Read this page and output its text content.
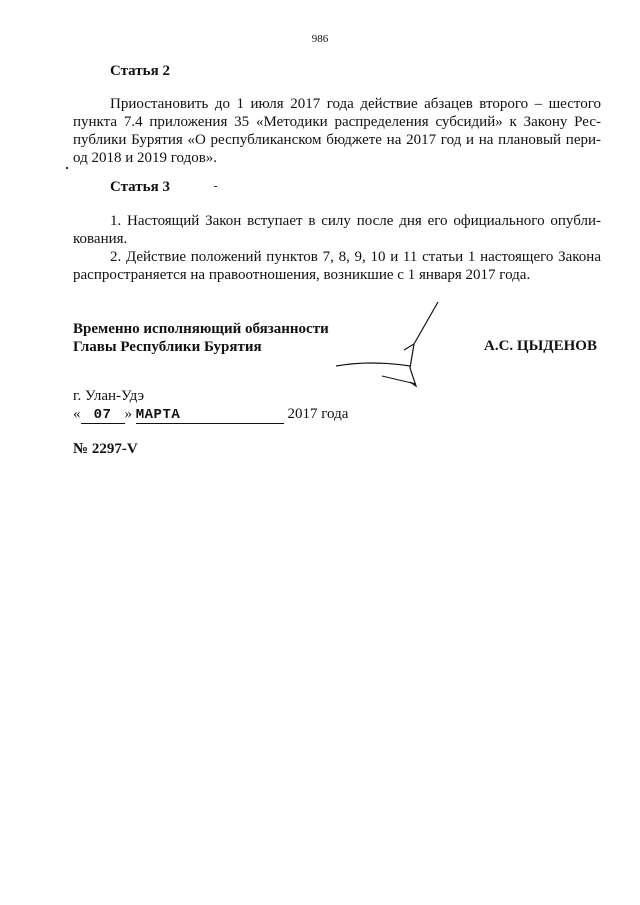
986
Статья 2
Приостановить до 1 июля 2017 года действие абзацев второго – шестого
пункта 7.4 приложения 35 «Методики распределения субсидий» к Закону Рес-
публики Бурятия «О республиканском бюджете на 2017 год и на плановый пери-
од 2018 и 2019 годов».
Статья 3
1. Настоящий Закон вступает в силу после дня его официального опубли-
кования.
2. Действие положений пунктов 7, 8, 9, 10 и 11 статьи 1 настоящего Закона
распространяется на правоотношения, возникшие с 1 января 2017 года.
Временно исполняющий обязанности
Главы Республики Бурятия	А.С. ЦЫДЕНОВ
г. Улан-Удэ
« 07 » МАРТА	2017 года
№ 2297-V
